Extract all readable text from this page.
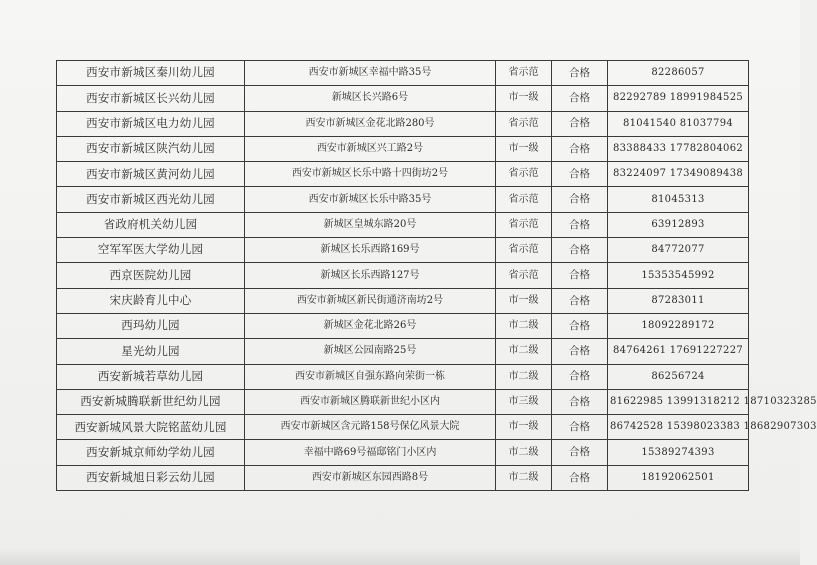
西安市新城区秦川幼儿园	西安市新城区幸福中路35号	省示范	合格	82286057
西安市新城区长兴幼儿园	新城区长兴路6号	市一级	合格	82292789 18991984525
西安市新城区电力幼儿园	西安市新城区金花北路280号	省示范	合格	81041540 81037794
西安市新城区陕汽幼儿园	西安市新城区兴工路2号	市一级	合格	83388433 17782804062
西安市新城区黄河幼儿园	西安市新城区长乐中路十四街坊2号	省示范	合格	83224097 17349089438
西安市新城区西光幼儿园	西安市新城区长乐中路35号	省示范	合格	81045313
省政府机关幼儿园	新城区皇城东路20号	省示范	合格	63912893
空军军医大学幼儿园	新城区长乐西路169号	省示范	合格	84772077
西京医院幼儿园	新城区长乐西路127号	省示范	合格	15353545992
宋庆龄育儿中心	西安市新城区新民街通济南坊2号	市一级	合格	87283011
西玛幼儿园	新城区金花北路26号	市二级	合格	18092289172
星光幼儿园	新城区公园南路25号	市二级	合格	84764261 17691227227
西安新城若草幼儿园	西安市新城区自强东路向荣街一栋	市二级	合格	86256724
西安新城腾联新世纪幼儿园	西安市新城区腾联新世纪小区内	市三级	合格	81622985 13991318212 18710323285
西安新城风景大院铭蓝幼儿园	西安市新城区含元路158号保亿风景大院	市一级	合格	86742528 15398023383 18682907303
西安新城京师幼学幼儿园	幸福中路69号福邸铭门小区内	市二级	合格	15389274393
西安新城旭日彩云幼儿园	西安市新城区东园西路8号	市二级	合格	18192062501
